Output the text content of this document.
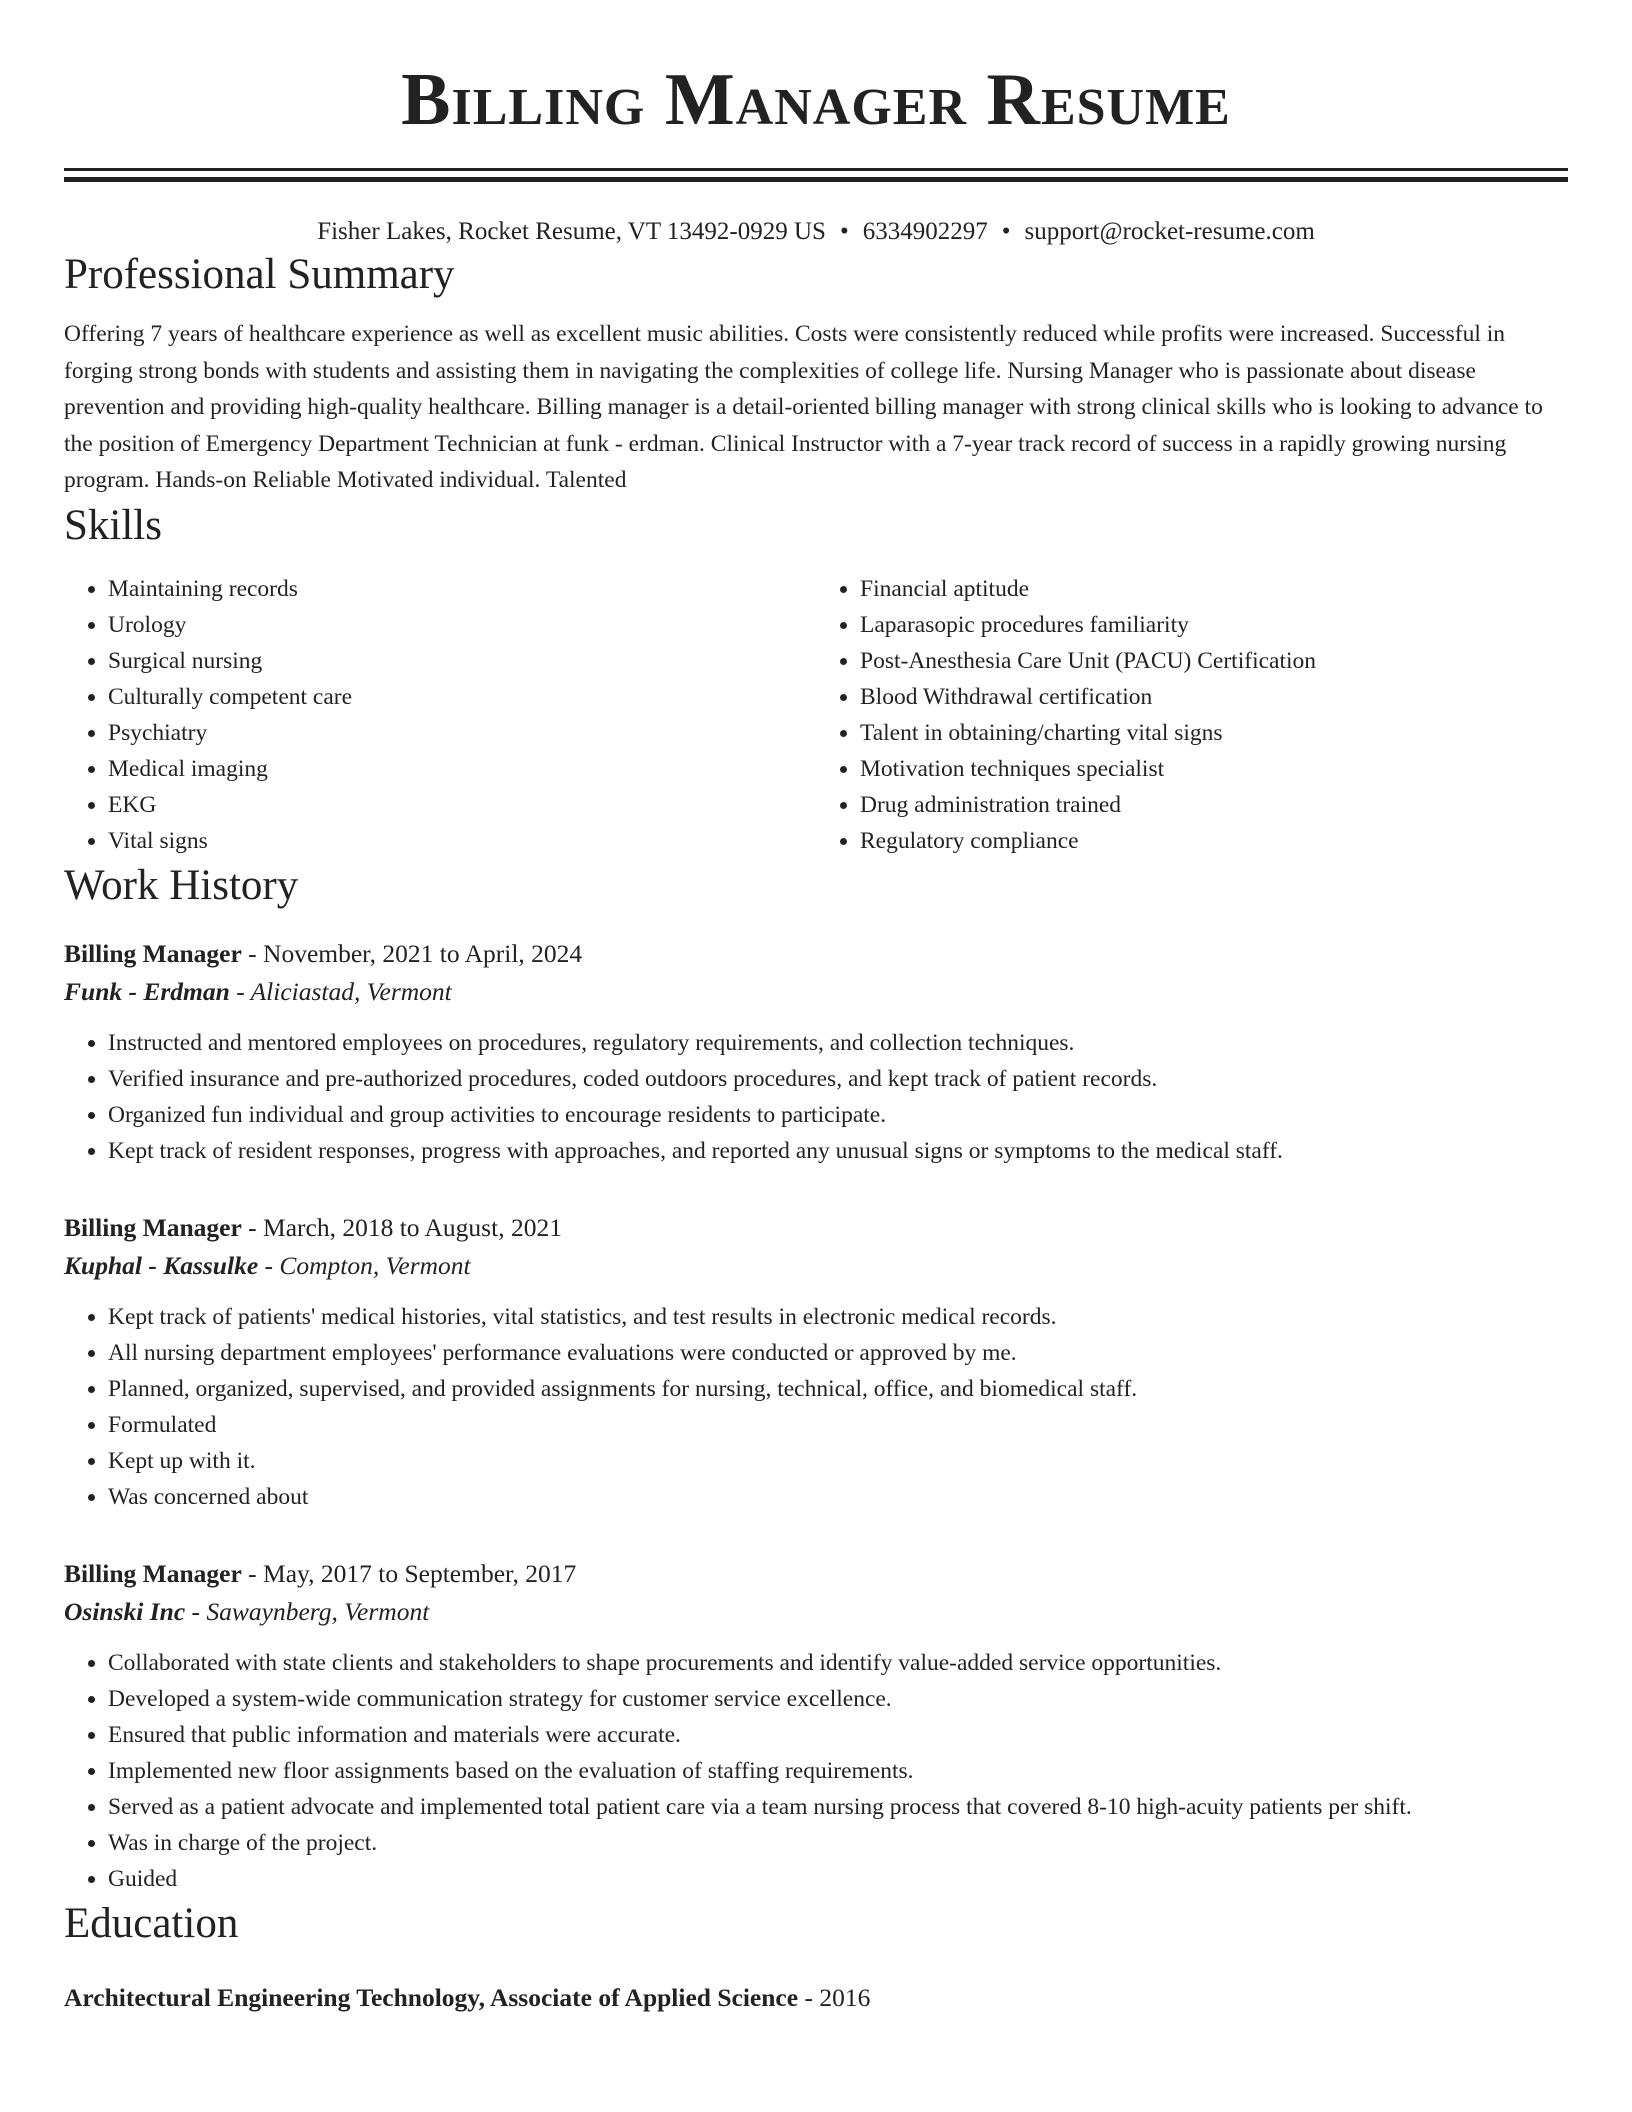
Billing Manager Resume
Fisher Lakes, Rocket Resume, VT 13492-0929 US • 6334902297 • support@rocket-resume.com
Professional Summary

Offering 7 years of healthcare experience as well as excellent music abilities. Costs were consistently reduced while profits were increased. Successful in forging strong bonds with students and assisting them in navigating the complexities of college life. Nursing Manager who is passionate about disease prevention and providing high-quality healthcare. Billing manager is a detail-oriented billing manager with strong clinical skills who is looking to advance to the position of Emergency Department Technician at funk - erdman. Clinical Instructor with a 7-year track record of success in a rapidly growing nursing program. Hands-on Reliable Motivated individual. Talented

Skills
• Maintaining records
• Urology
• Surgical nursing
• Culturally competent care
• Psychiatry
• Medical imaging
• EKG
• Vital signs
• Financial aptitude
• Laparasopic procedures familiarity
• Post-Anesthesia Care Unit (PACU) Certification
• Blood Withdrawal certification
• Talent in obtaining/charting vital signs
• Motivation techniques specialist
• Drug administration trained
• Regulatory compliance
Work History
Billing Manager - November, 2021 to April, 2024
Funk - Erdman - Aliciastad, Vermont
• Instructed and mentored employees on procedures, regulatory requirements, and collection techniques.
• Verified insurance and pre-authorized procedures, coded outdoors procedures, and kept track of patient records.
• Organized fun individual and group activities to encourage residents to participate.
• Kept track of resident responses, progress with approaches, and reported any unusual signs or symptoms to the medical staff.
Billing Manager - March, 2018 to August, 2021
Kuphal - Kassulke - Compton, Vermont
• Kept track of patients' medical histories, vital statistics, and test results in electronic medical records.
• All nursing department employees' performance evaluations were conducted or approved by me.
• Planned, organized, supervised, and provided assignments for nursing, technical, office, and biomedical staff.
• Formulated
• Kept up with it.
• Was concerned about
Billing Manager - May, 2017 to September, 2017
Osinski Inc - Sawaynberg, Vermont
• Collaborated with state clients and stakeholders to shape procurements and identify value-added service opportunities.
• Developed a system-wide communication strategy for customer service excellence.
• Ensured that public information and materials were accurate.
• Implemented new floor assignments based on the evaluation of staffing requirements.
• Served as a patient advocate and implemented total patient care via a team nursing process that covered 8-10 high-acuity patients per shift.
• Was in charge of the project.
• Guided
Education
Architectural Engineering Technology, Associate of Applied Science - 2016
